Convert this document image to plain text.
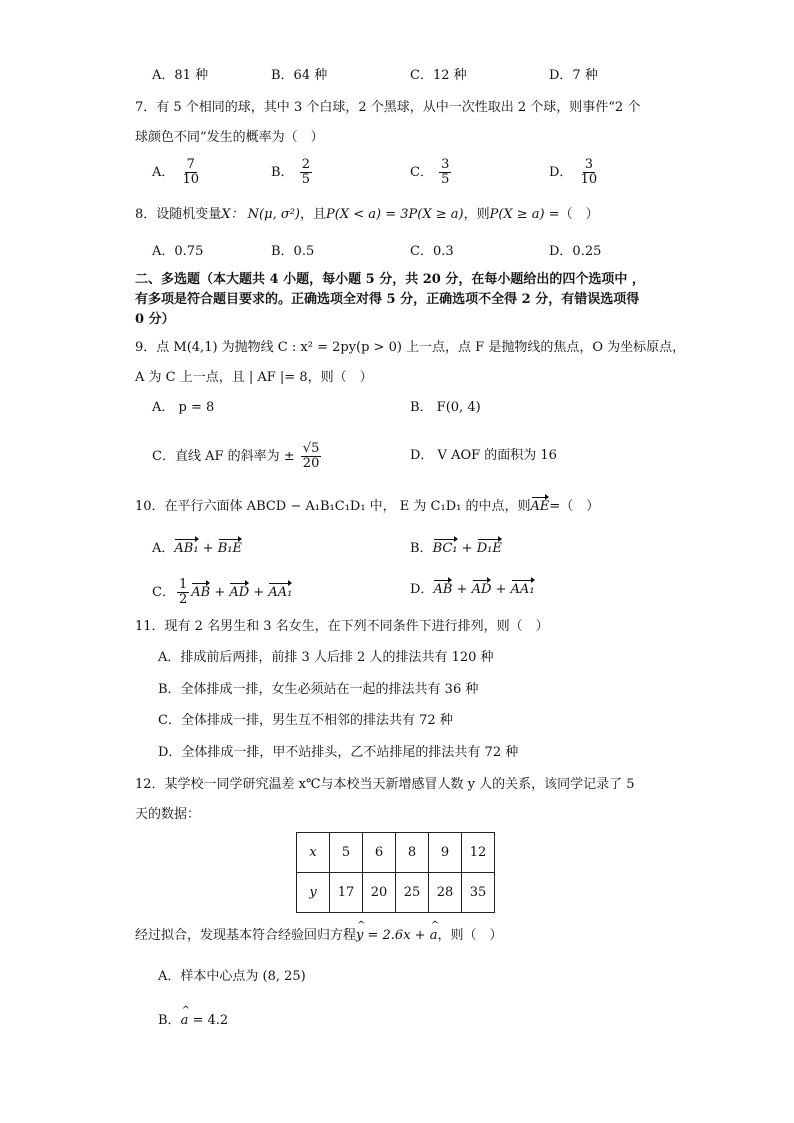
A．81 种	B．64 种	C．12 种	D．7 种
7．有 5 个相同的球，其中 3 个白球，2 个黑球，从中一次性取出 2 个球，则事件“2 个
球颜色不同”发生的概率为（　）
A． $\frac{7}{10}$	B． $\frac{2}{5}$	C． $\frac{3}{5}$	D． $\frac{3}{10}$
8．设随机变量X： N(μ, σ²)，且P(X < a) = 3P(X ≥ a)，则P(X ≥ a) =（　）
A．0.75	B．0.5	C．0.3	D．0.25
二、多选题（本大题共 4 小题，每小题 5 分，共 20 分，在每小题给出的四个选项中 ，
有多项是符合题目要求的。正确选项全对得 5 分，正确选项不全得 2 分，有错误选项得
0 分）
9．点 M(4,1) 为抛物线 C : x² = 2py(p > 0) 上一点，点 F 是抛物线的焦点，O 为坐标原点，
A 为 C 上一点，且 | AF |= 8，则（　）
A． p = 8	B． F(0, 4)
C．直线 AF 的斜率为 ± $\frac{√5}{20}$	D． V AOF 的面积为 16
10．在平行六面体 ABCD − A₁B₁C₁D₁ 中， E 为 C₁D₁ 的中点，则AE=（　）
A．AB₁ + B₁E	B．BC₁ + D₁E
C． $\frac{1}{2}$ AB + AD + AA₁	D．AB + AD + AA₁
11．现有 2 名男生和 3 名女生，在下列不同条件下进行排列，则（　）
A．排成前后两排，前排 3 人后排 2 人的排法共有 120 种
B．全体排成一排，女生必须站在一起的排法共有 36 种
C．全体排成一排，男生互不相邻的排法共有 72 种
D．全体排成一排，甲不站排头，乙不站排尾的排法共有 72 种
12．某学校一同学研究温差 x℃与本校当天新增感冒人数 y 人的关系，该同学记录了 5
天的数据：
x	5	6	8	9	12
y	17	20	25	28	35
经过拟合，发现基本符合经验回归方程^ y = 2.6x + ^ a，则（　）
A．样本中心点为 (8, 25)
B．^ a = 4.2
